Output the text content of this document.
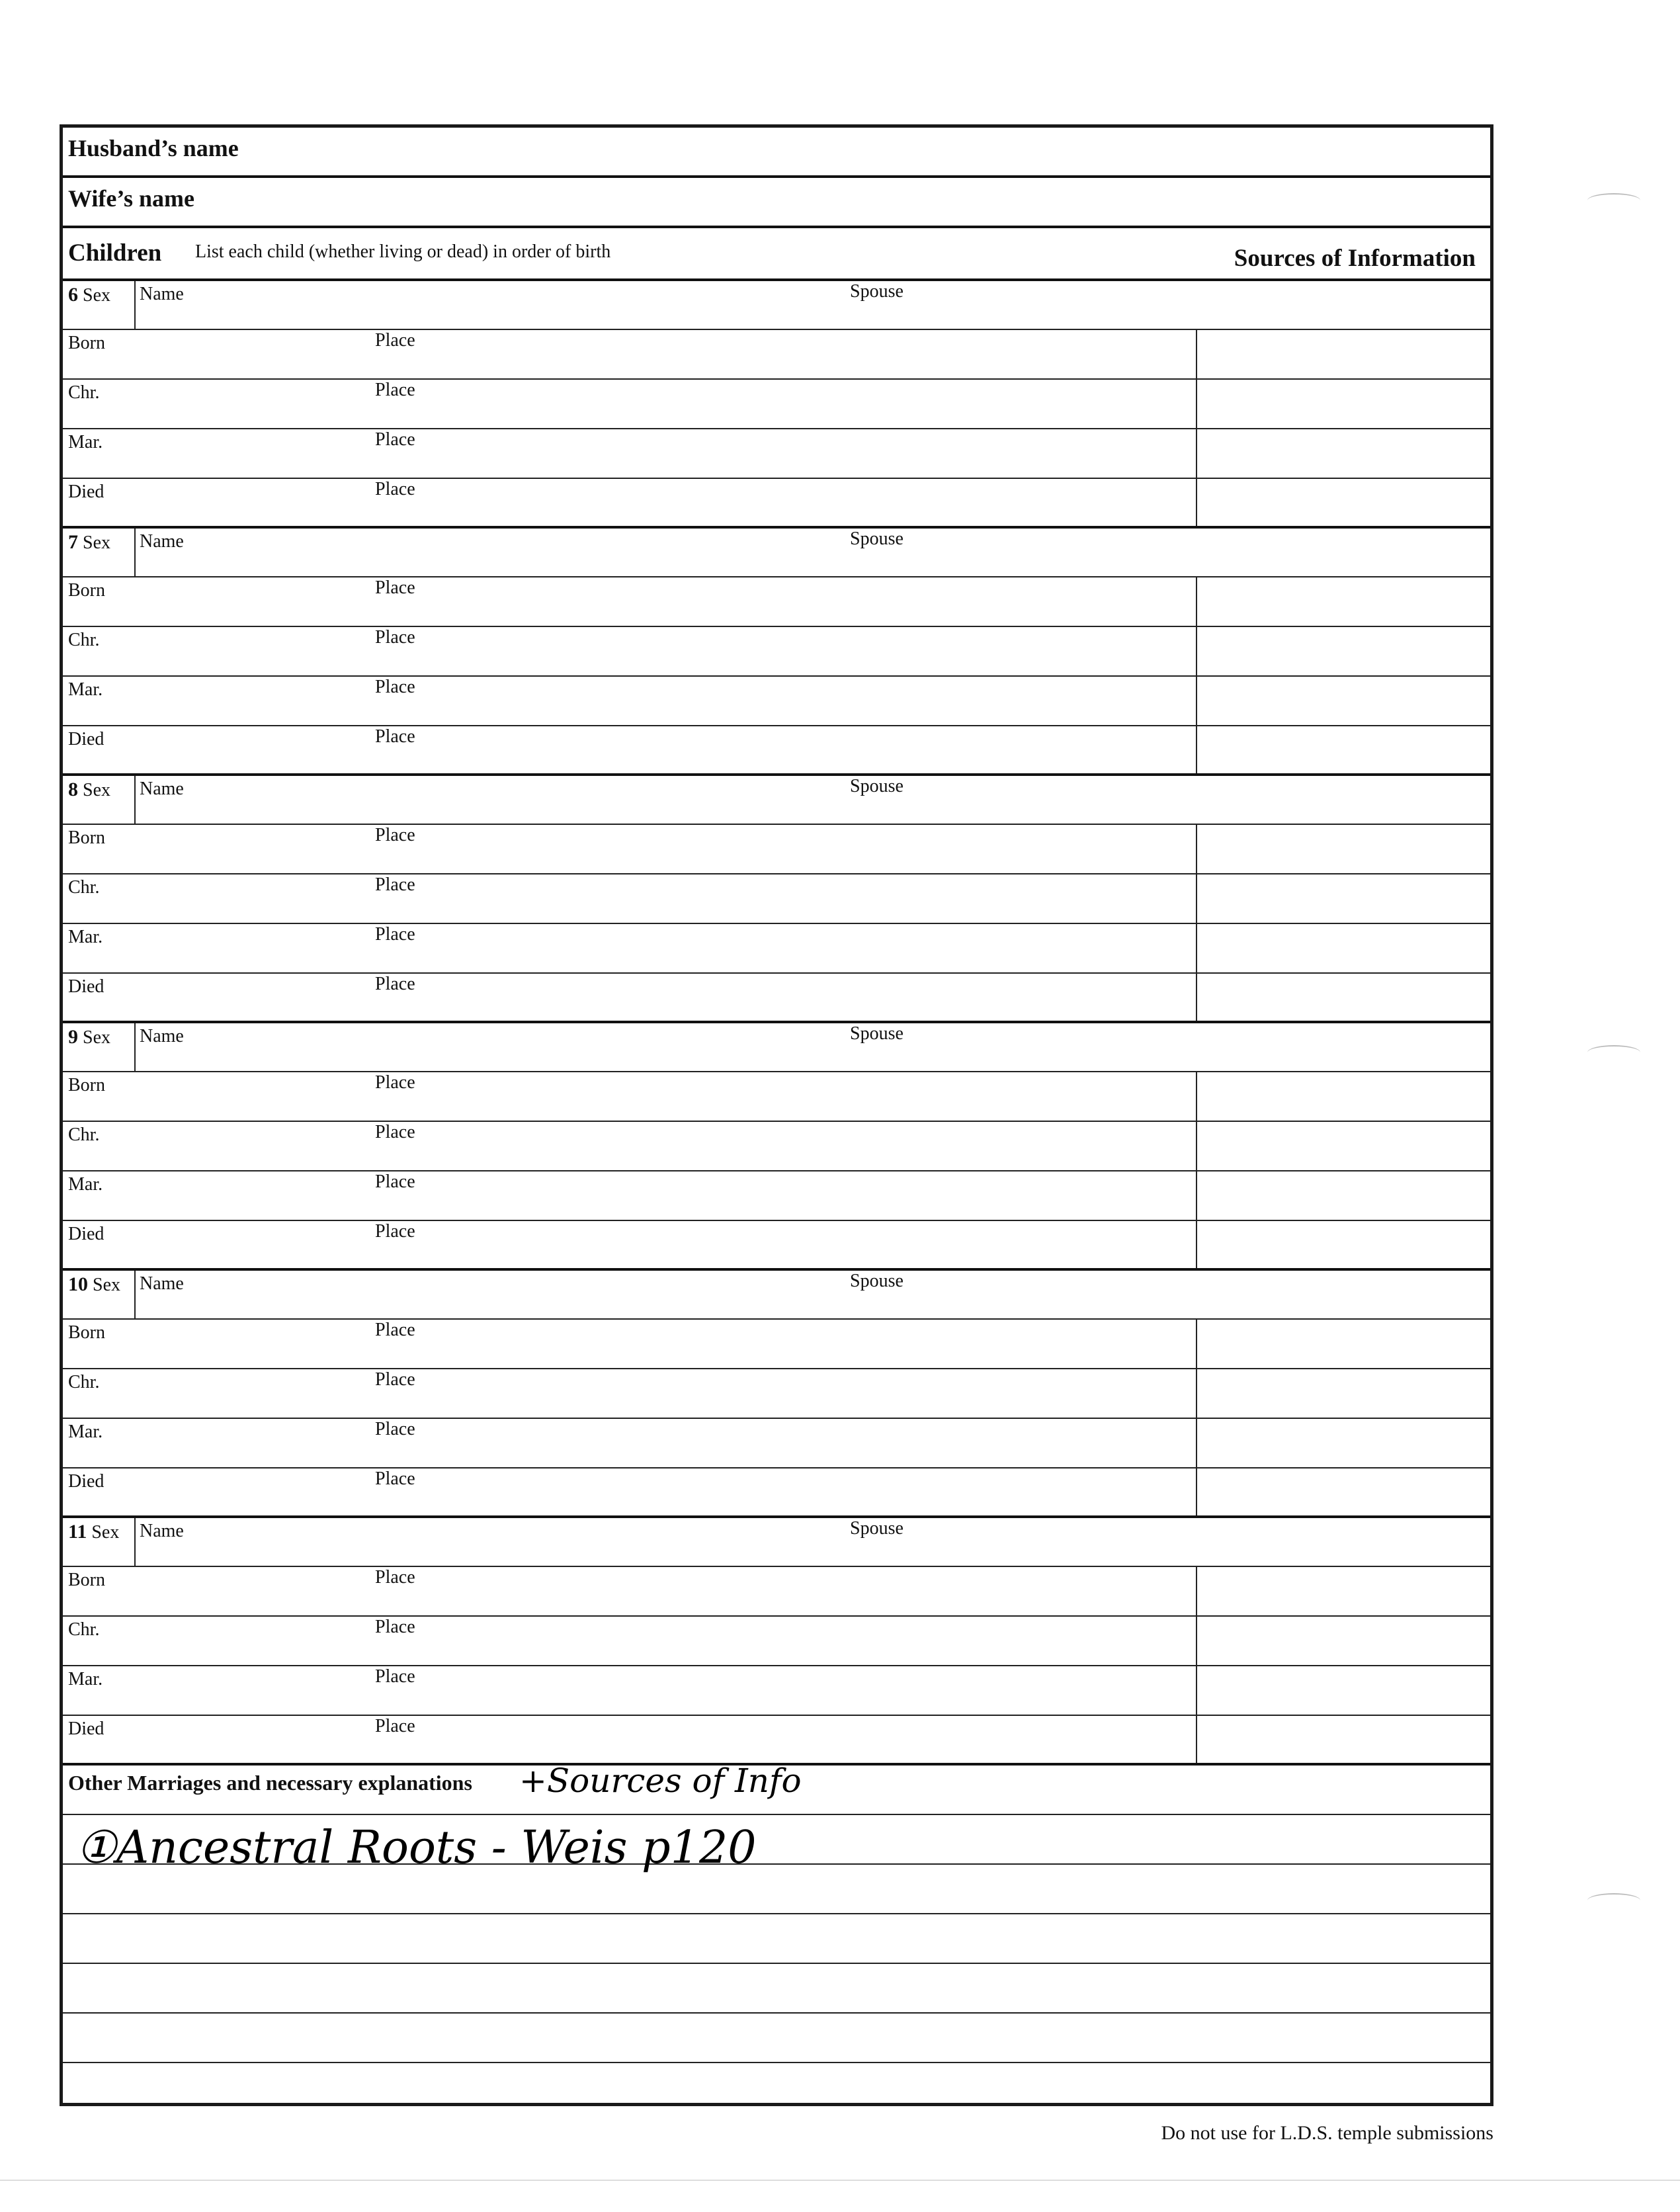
Husband’s name
Wife’s name
Children List each child (whether living or dead) in order of birth	Sources of Information
6 Sex Name	Spouse
Born	Place
Chr.	Place
Mar.	Place
Died	Place
7 Sex Name	Spouse
Born	Place
Chr.	Place
Mar.	Place
Died	Place
8 Sex Name	Spouse
Born	Place
Chr.	Place
Mar.	Place
Died	Place
9 Sex Name	Spouse
Born	Place
Chr.	Place
Mar.	Place
Died	Place
10 Sex Name	Spouse
Born	Place
Chr.	Place
Mar.	Place
Died	Place
11 Sex Name	Spouse
Born	Place
Chr.	Place
Mar.	Place
Died	Place
Other Marriages and necessary explanations +Sources of Info
①Ancestral Roots - Weis p120
Do not use for L.D.S. temple submissions
